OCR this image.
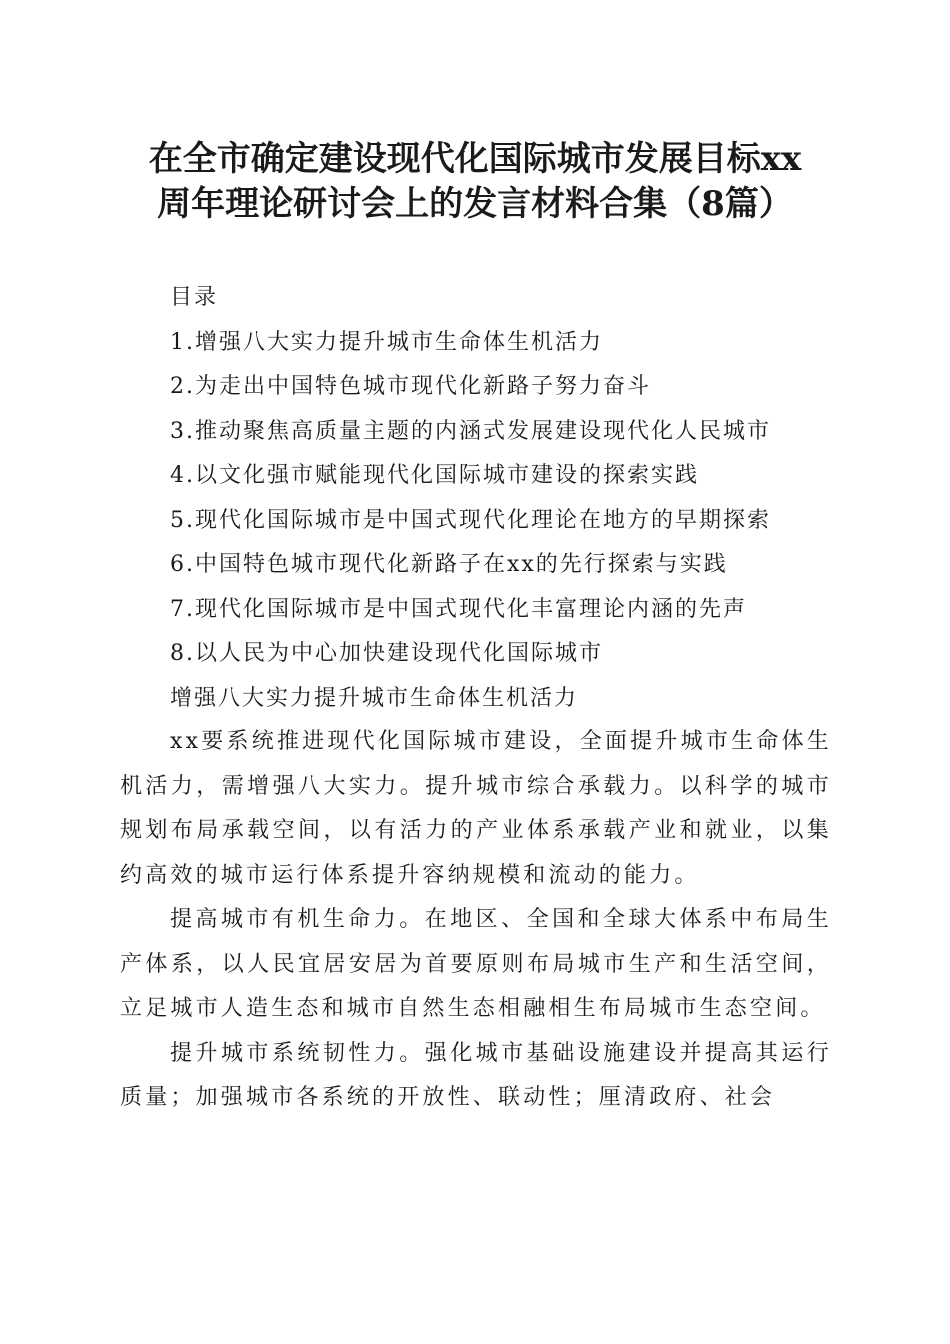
在全市确定建设现代化国际城市发展目标xx
周年理论研讨会上的发言材料合集（8篇）
目录
1.增强八大实力提升城市生命体生机活力
2.为走出中国特色城市现代化新路子努力奋斗
3.推动聚焦高质量主题的内涵式发展建设现代化人民城市
4.以文化强市赋能现代化国际城市建设的探索实践
5.现代化国际城市是中国式现代化理论在地方的早期探索
6.中国特色城市现代化新路子在xx的先行探索与实践
7.现代化国际城市是中国式现代化丰富理论内涵的先声
8.以人民为中心加快建设现代化国际城市
增强八大实力提升城市生命体生机活力

xx要系统推进现代化国际城市建设，全面提升城市生命体生机活力，需增强八大实力。提升城市综合承载力。以科学的城市规划布局承载空间，以有活力的产业体系承载产业和就业，以集约高效的城市运行体系提升容纳规模和流动的能力。

提高城市有机生命力。在地区、全国和全球大体系中布局生产体系，以人民宜居安居为首要原则布局城市生产和生活空间，立足城市人造生态和城市自然生态相融相生布局城市生态空间。

提升城市系统韧性力。强化城市基础设施建设并提高其运行质量；加强城市各系统的开放性、联动性；厘清政府、社会
